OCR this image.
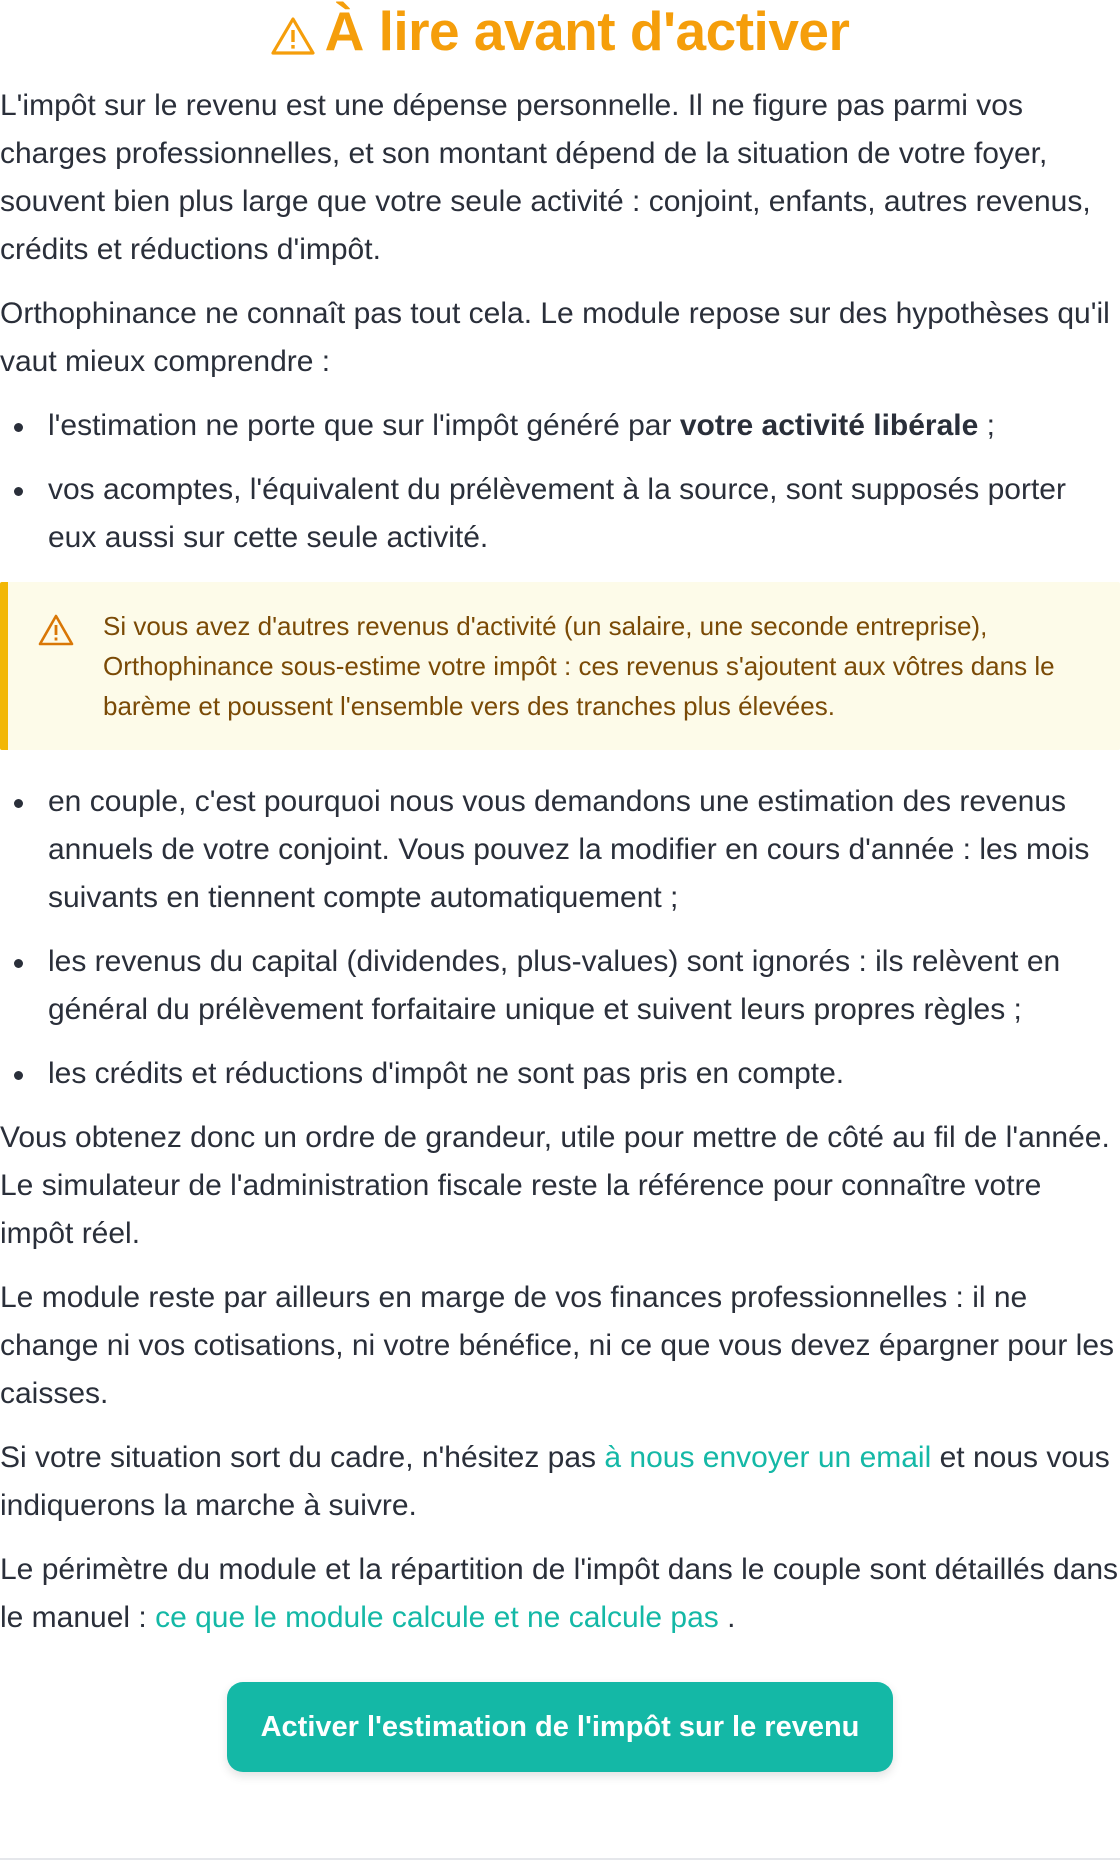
À lire avant d'activer

L'impôt sur le revenu est une dépense personnelle. Il ne figure pas parmi vos charges professionnelles, et son montant dépend de la situation de votre foyer, souvent bien plus large que votre seule activité : conjoint, enfants, autres revenus, crédits et réductions d'impôt.

Orthophinance ne connaît pas tout cela. Le module repose sur des hypothèses qu'il vaut mieux comprendre :

l'estimation ne porte que sur l'impôt généré par votre activité libérale ;
vos acomptes, l'équivalent du prélèvement à la source, sont supposés porter eux aussi sur cette seule activité.
Si vous avez d'autres revenus d'activité (un salaire, une seconde entreprise), Orthophinance sous-estime votre impôt : ces revenus s'ajoutent aux vôtres dans le barème et poussent l'ensemble vers des tranches plus élevées.
en couple, c'est pourquoi nous vous demandons une estimation des revenus annuels de votre conjoint. Vous pouvez la modifier en cours d'année : les mois suivants en tiennent compte automatiquement ;
les revenus du capital (dividendes, plus-values) sont ignorés : ils relèvent en général du prélèvement forfaitaire unique et suivent leurs propres règles ;
les crédits et réductions d'impôt ne sont pas pris en compte.

Vous obtenez donc un ordre de grandeur, utile pour mettre de côté au fil de l'année. Le simulateur de l'administration fiscale reste la référence pour connaître votre impôt réel.

Le module reste par ailleurs en marge de vos finances professionnelles : il ne change ni vos cotisations, ni votre bénéfice, ni ce que vous devez épargner pour les caisses.

Si votre situation sort du cadre, n'hésitez pas à nous envoyer un email et nous vous indiquerons la marche à suivre.

Le périmètre du module et la répartition de l'impôt dans le couple sont détaillés dans le manuel : ce que le module calcule et ne calcule pas .

Activer l'estimation de l'impôt sur le revenu
